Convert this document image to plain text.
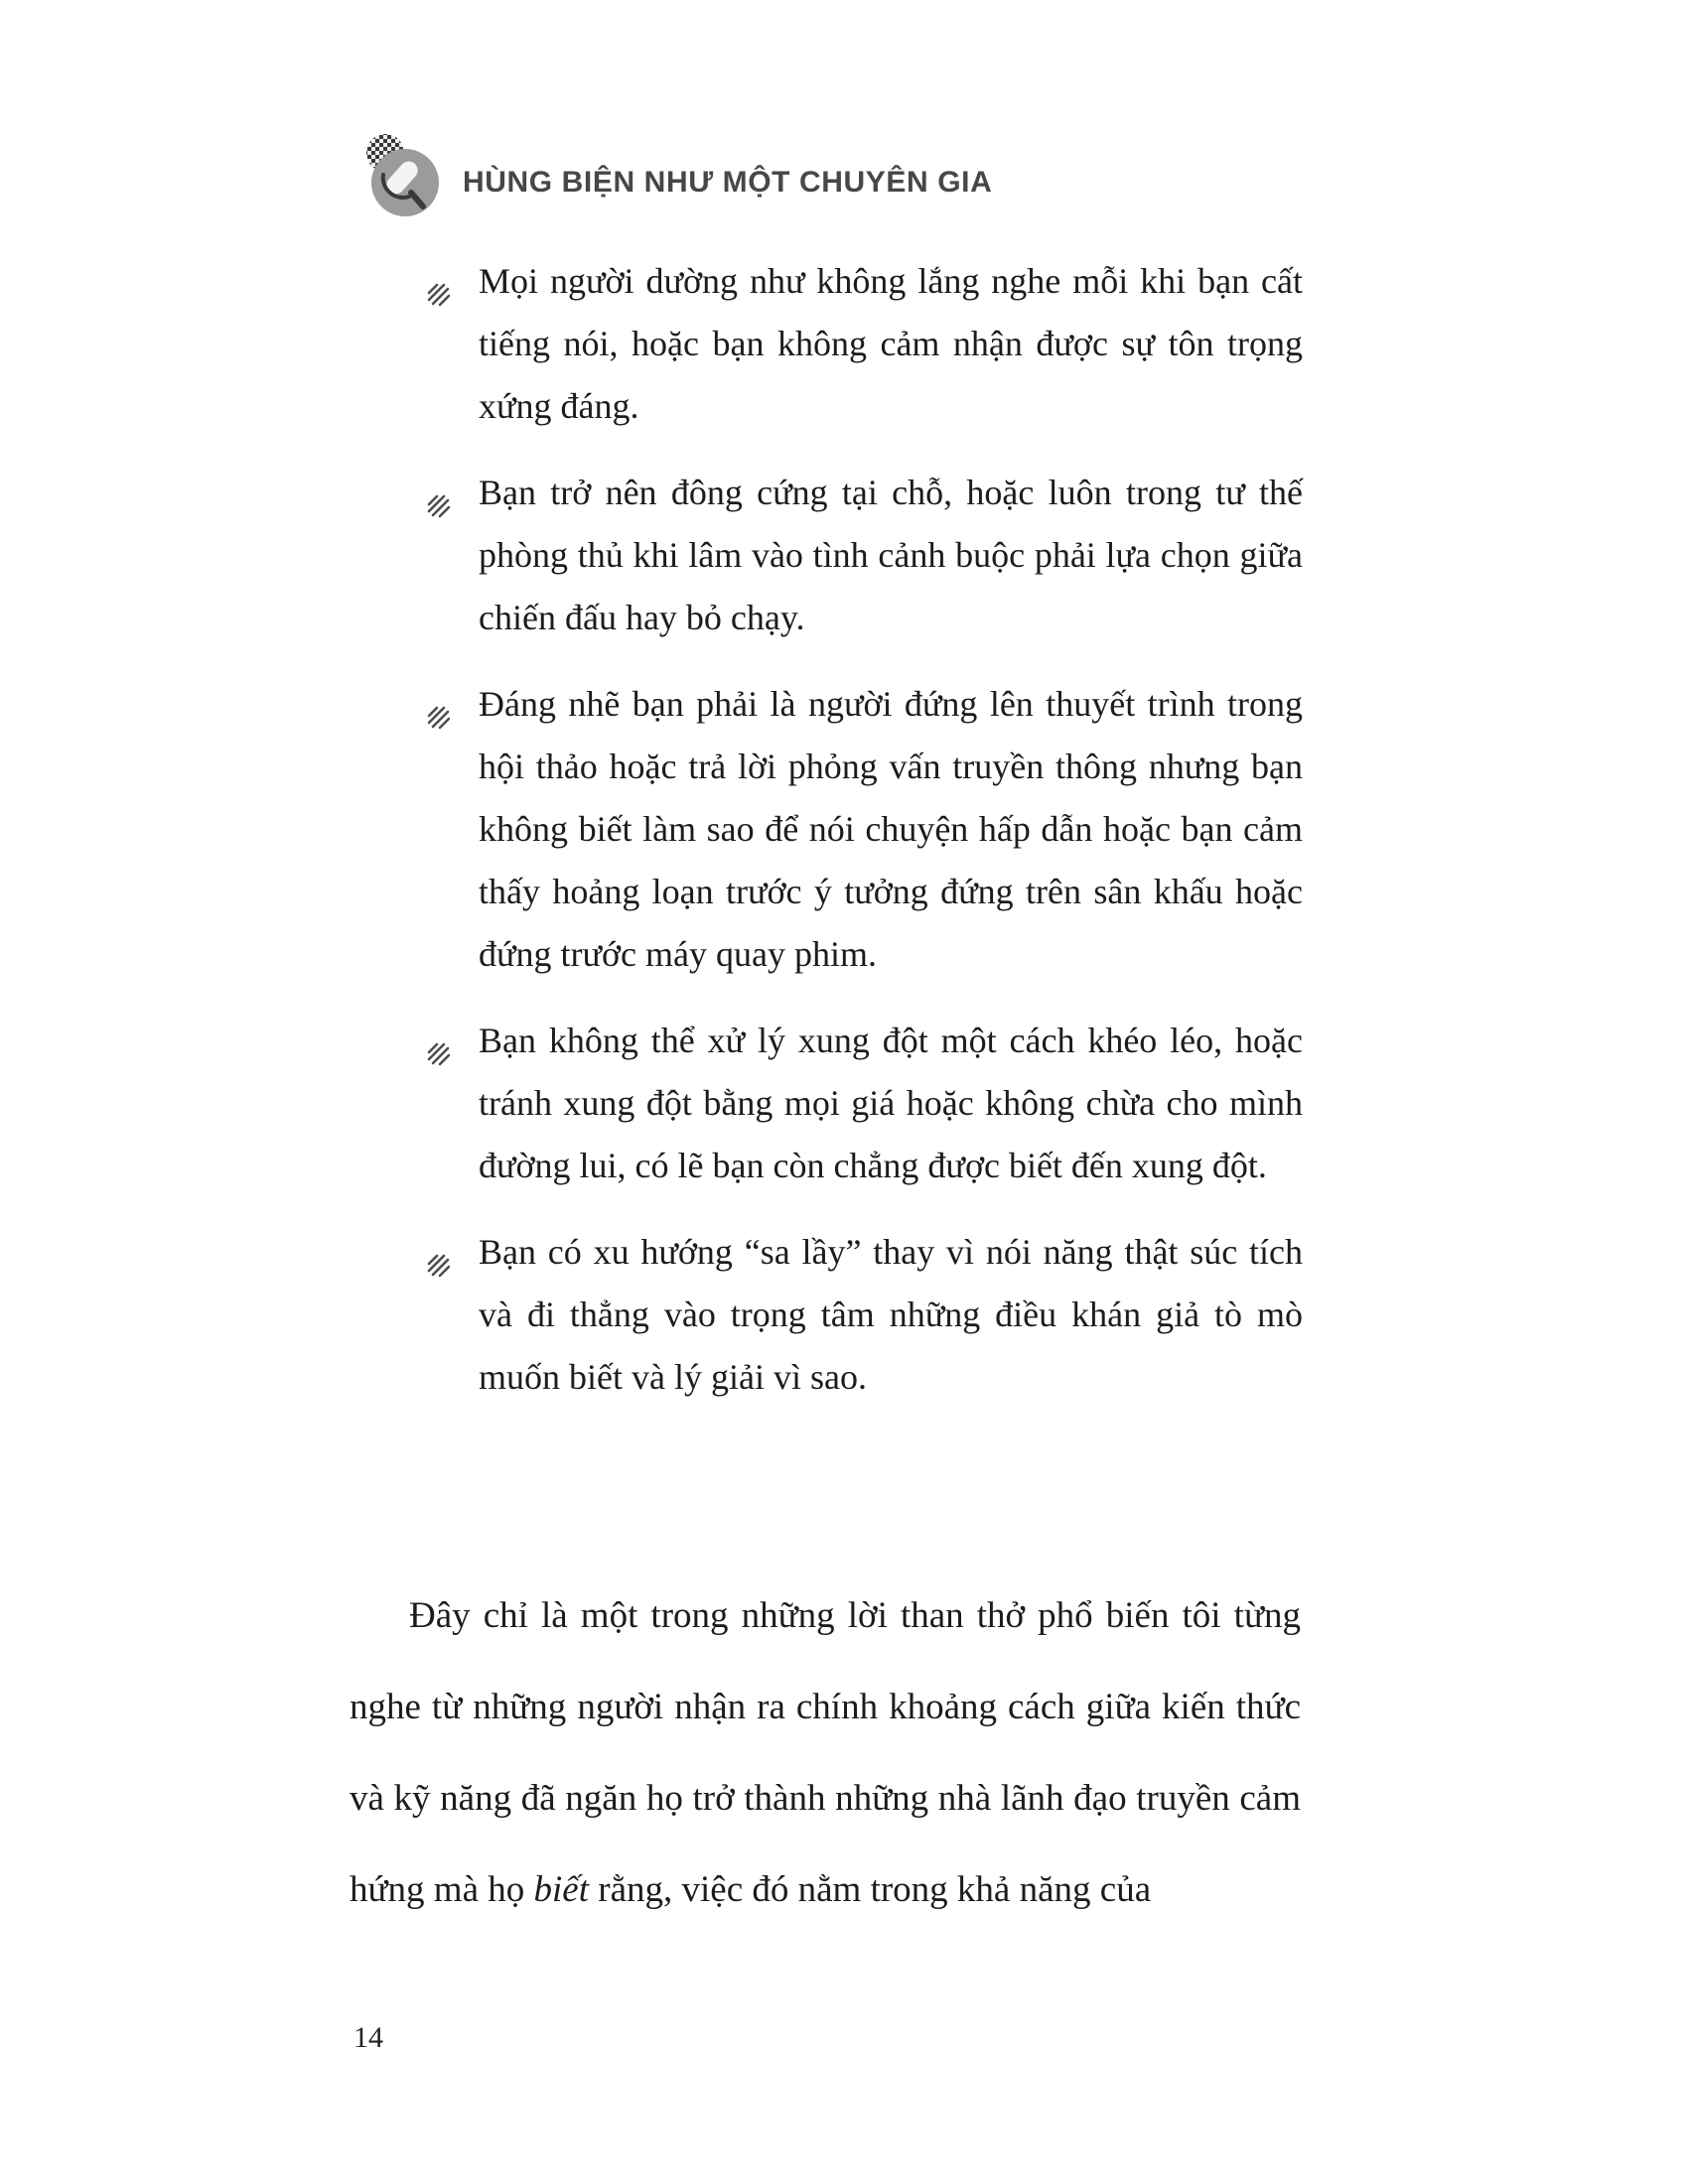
HÙNG BIỆN NHƯ MỘT CHUYÊN GIA
Mọi người dường như không lắng nghe mỗi khi bạn cất tiếng nói, hoặc bạn không cảm nhận được sự tôn trọng xứng đáng.
Bạn trở nên đông cứng tại chỗ, hoặc luôn trong tư thế phòng thủ khi lâm vào tình cảnh buộc phải lựa chọn giữa chiến đấu hay bỏ chạy.
Đáng nhẽ bạn phải là người đứng lên thuyết trình trong hội thảo hoặc trả lời phỏng vấn truyền thông nhưng bạn không biết làm sao để nói chuyện hấp dẫn hoặc bạn cảm thấy hoảng loạn trước ý tưởng đứng trên sân khấu hoặc đứng trước máy quay phim.
Bạn không thể xử lý xung đột một cách khéo léo, hoặc tránh xung đột bằng mọi giá hoặc không chừa cho mình đường lui, có lẽ bạn còn chẳng được biết đến xung đột.
Bạn có xu hướng “sa lầy” thay vì nói năng thật súc tích và đi thẳng vào trọng tâm những điều khán giả tò mò muốn biết và lý giải vì sao.

Đây chỉ là một trong những lời than thở phổ biến tôi từng nghe từ những người nhận ra chính khoảng cách giữa kiến thức và kỹ năng đã ngăn họ trở thành những nhà lãnh đạo truyền cảm hứng mà họ biết rằng, việc đó nằm trong khả năng của

14
